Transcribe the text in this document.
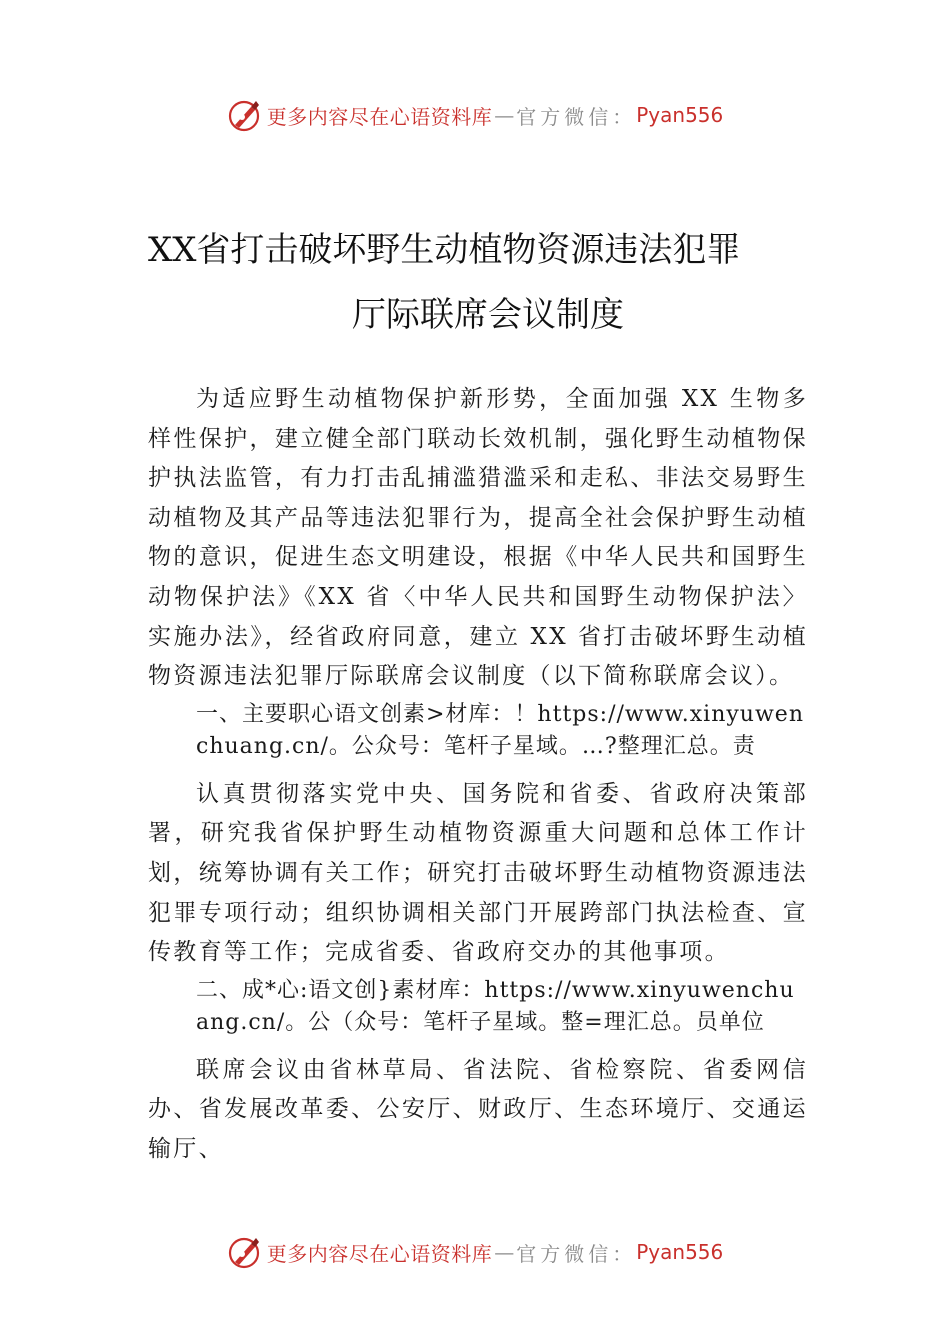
更多内容尽在心语资料库 — 官方微信： Pyan556
XX省打击破坏野生动植物资源违法犯罪
厅际联席会议制度

为适应野生动植物保护新形势，全面加强 XX 生物多样性保护，建立健全部门联动长效机制，强化野生动植物保护执法监管，有力打击乱捕滥猎滥采和走私、非法交易野生动植物及其产品等违法犯罪行为，提高全社会保护野生动植物的意识，促进生态文明建设，根据《中华人民共和国野生动物保护法》《XX 省〈中华人民共和国野生动物保护法〉实施办法》，经省政府同意，建立 XX 省打击破坏野生动植物资源违法犯罪厅际联席会议制度（以下简称联席会议）。

一、主要职心语文创素>材库：！https://www.xinyuwenchuang.cn/。公众号：笔杆子星域。…?整理汇总。责

认真贯彻落实党中央、国务院和省委、省政府决策部署，研究我省保护野生动植物资源重大问题和总体工作计划，统筹协调有关工作；研究打击破坏野生动植物资源违法犯罪专项行动；组织协调相关部门开展跨部门执法检查、宣传教育等工作；完成省委、省政府交办的其他事项。

二、成*心:语文创}素材库：https://www.xinyuwenchuang.cn/。公（众号：笔杆子星域。整=理汇总。员单位

联席会议由省林草局、省法院、省检察院、省委网信办、省发展改革委、公安厅、财政厅、生态环境厅、交通运输厅、

更多内容尽在心语资料库 — 官方微信： Pyan556
